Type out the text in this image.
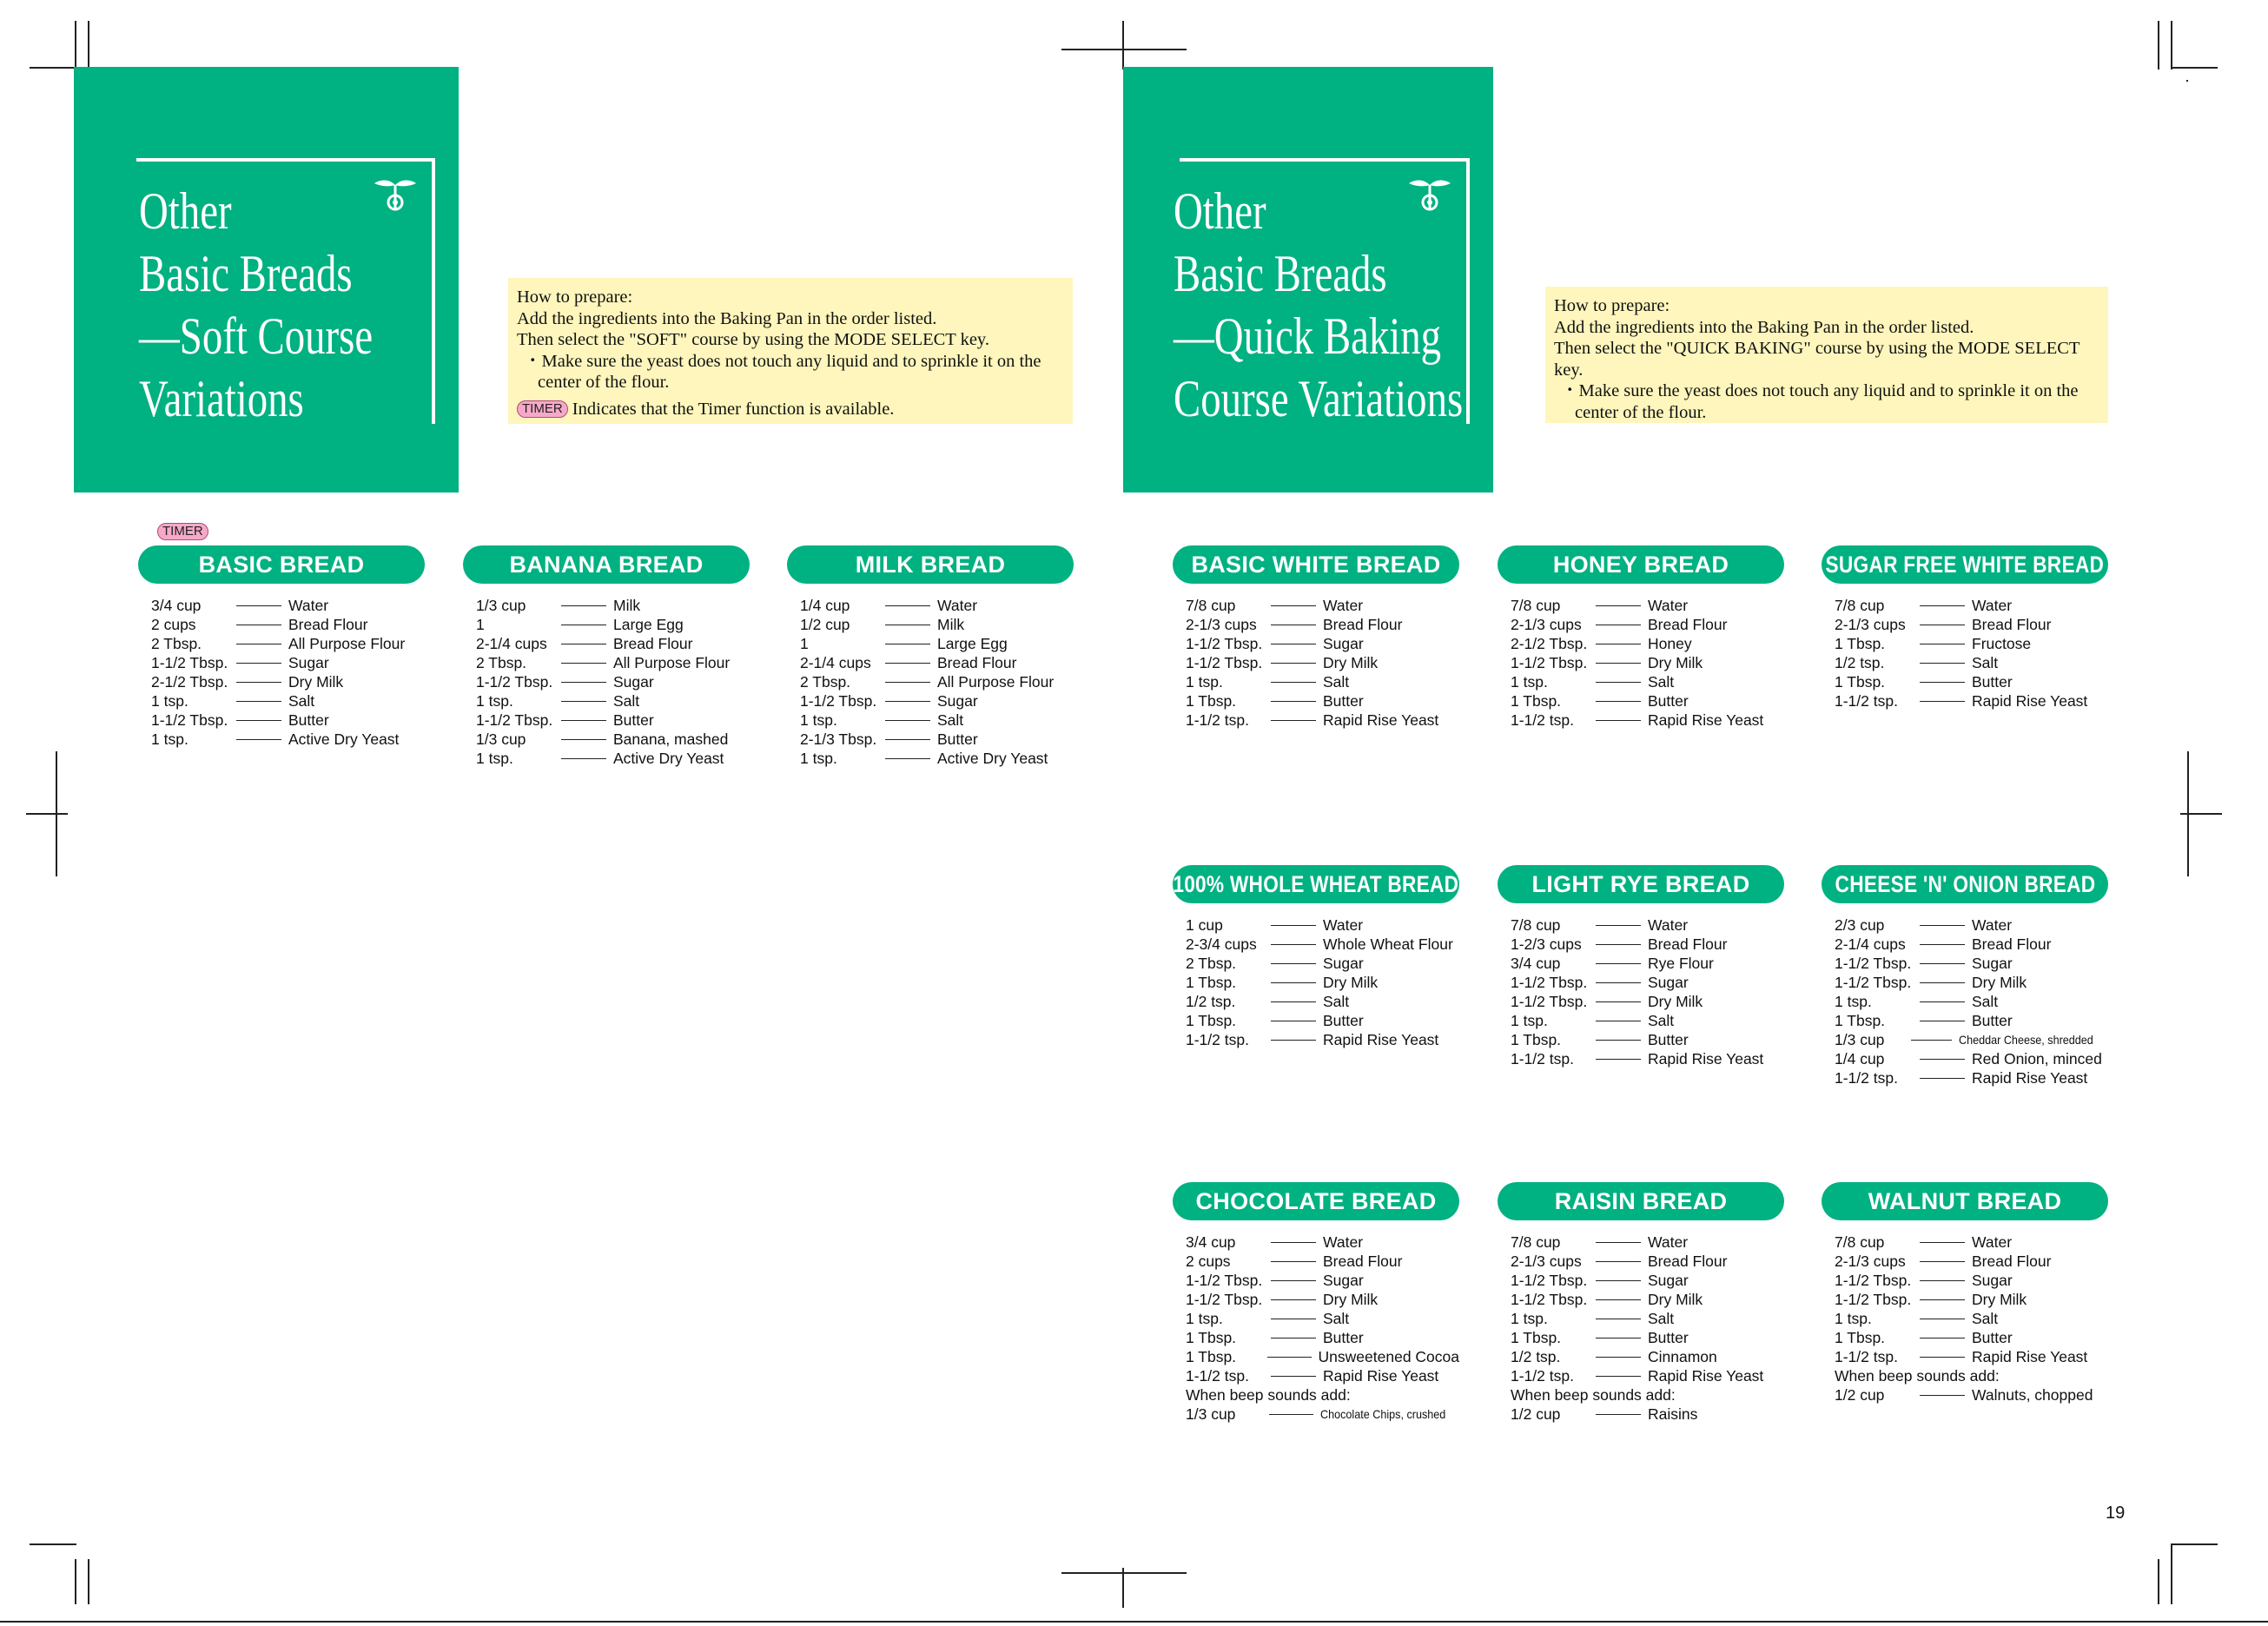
Other
Basic Breads
—Soft Course
Variations
How to prepare:
Add the ingredients into the Baking Pan in the order listed.
Then select the "SOFT" course by using the MODE SELECT key.
・Make sure the yeast does not touch any liquid and to sprinkle it on the center of the flour.
TIMER Indicates that the Timer function is available.
TIMER
Other
Basic Breads
—Quick Baking
Course Variations
How to prepare:
Add the ingredients into the Baking Pan in the order listed.
Then select the "QUICK BAKING" course by using the MODE SELECT key.
・Make sure the yeast does not touch any liquid and to sprinkle it on the center of the flour.
BASIC BREAD
3/4 cup	Water
2 cups	Bread Flour
2 Tbsp.	All Purpose Flour
1-1/2 Tbsp.	Sugar
2-1/2 Tbsp.	Dry Milk
1 tsp.	Salt
1-1/2 Tbsp.	Butter
1 tsp.	Active Dry Yeast
BANANA BREAD
1/3 cup	Milk
1	Large Egg
2-1/4 cups	Bread Flour
2 Tbsp.	All Purpose Flour
1-1/2 Tbsp.	Sugar
1 tsp.	Salt
1-1/2 Tbsp.	Butter
1/3 cup	Banana, mashed
1 tsp.	Active Dry Yeast
MILK BREAD
1/4 cup	Water
1/2 cup	Milk
1	Large Egg
2-1/4 cups	Bread Flour
2 Tbsp.	All Purpose Flour
1-1/2 Tbsp.	Sugar
1 tsp.	Salt
2-1/3 Tbsp.	Butter
1 tsp.	Active Dry Yeast
BASIC WHITE BREAD
7/8 cup	Water
2-1/3 cups	Bread Flour
1-1/2 Tbsp.	Sugar
1-1/2 Tbsp.	Dry Milk
1 tsp.	Salt
1 Tbsp.	Butter
1-1/2 tsp.	Rapid Rise Yeast
HONEY BREAD
7/8 cup	Water
2-1/3 cups	Bread Flour
2-1/2 Tbsp.	Honey
1-1/2 Tbsp.	Dry Milk
1 tsp.	Salt
1 Tbsp.	Butter
1-1/2 tsp.	Rapid Rise Yeast
SUGAR FREE WHITE BREAD
7/8 cup	Water
2-1/3 cups	Bread Flour
1 Tbsp.	Fructose
1/2 tsp.	Salt
1 Tbsp.	Butter
1-1/2 tsp.	Rapid Rise Yeast
100% WHOLE WHEAT BREAD
1 cup	Water
2-3/4 cups	Whole Wheat Flour
2 Tbsp.	Sugar
1 Tbsp.	Dry Milk
1/2 tsp.	Salt
1 Tbsp.	Butter
1-1/2 tsp.	Rapid Rise Yeast
LIGHT RYE BREAD
7/8 cup	Water
1-2/3 cups	Bread Flour
3/4 cup	Rye Flour
1-1/2 Tbsp.	Sugar
1-1/2 Tbsp.	Dry Milk
1 tsp.	Salt
1 Tbsp.	Butter
1-1/2 tsp.	Rapid Rise Yeast
CHEESE 'N' ONION BREAD
2/3 cup	Water
2-1/4 cups	Bread Flour
1-1/2 Tbsp.	Sugar
1-1/2 Tbsp.	Dry Milk
1 tsp.	Salt
1 Tbsp.	Butter
1/3 cup	Cheddar Cheese, shredded
1/4 cup	Red Onion, minced
1-1/2 tsp.	Rapid Rise Yeast
CHOCOLATE BREAD
3/4 cup	Water
2 cups	Bread Flour
1-1/2 Tbsp.	Sugar
1-1/2 Tbsp.	Dry Milk
1 tsp.	Salt
1 Tbsp.	Butter
1 Tbsp.	Unsweetened Cocoa
1-1/2 tsp.	Rapid Rise Yeast
When beep sounds add:
1/3 cup	Chocolate Chips, crushed
RAISIN BREAD
7/8 cup	Water
2-1/3 cups	Bread Flour
1-1/2 Tbsp.	Sugar
1-1/2 Tbsp.	Dry Milk
1 tsp.	Salt
1 Tbsp.	Butter
1/2 tsp.	Cinnamon
1-1/2 tsp.	Rapid Rise Yeast
When beep sounds add:
1/2 cup	Raisins
WALNUT BREAD
7/8 cup	Water
2-1/3 cups	Bread Flour
1-1/2 Tbsp.	Sugar
1-1/2 Tbsp.	Dry Milk
1 tsp.	Salt
1 Tbsp.	Butter
1-1/2 tsp.	Rapid Rise Yeast
When beep sounds add:
1/2 cup	Walnuts, chopped
19
